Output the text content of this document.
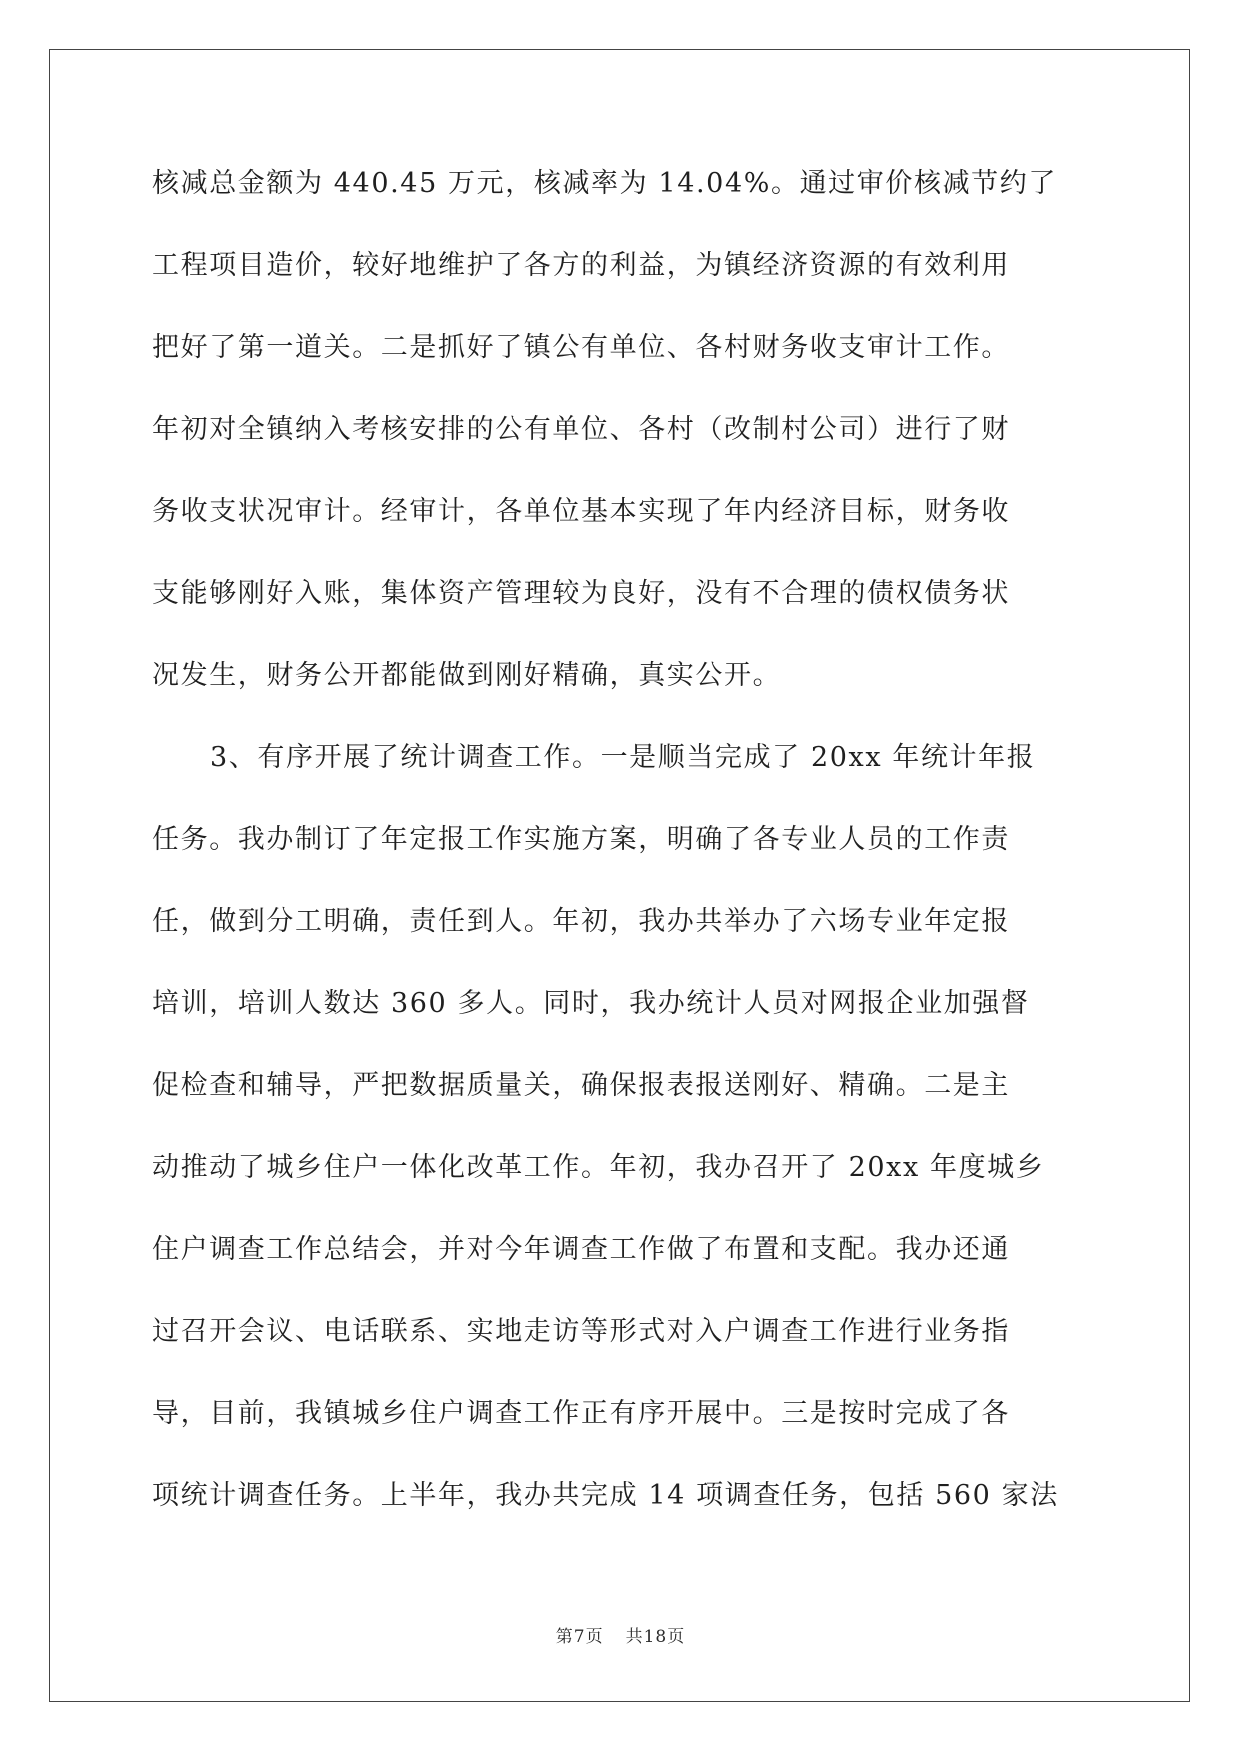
核减总金额为 440.45 万元，核减率为 14.04%。通过审价核减节约了
工程项目造价，较好地维护了各方的利益，为镇经济资源的有效利用
把好了第一道关。二是抓好了镇公有单位、各村财务收支审计工作。
年初对全镇纳入考核安排的公有单位、各村（改制村公司）进行了财
务收支状况审计。经审计，各单位基本实现了年内经济目标，财务收
支能够刚好入账，集体资产管理较为良好，没有不合理的债权债务状
况发生，财务公开都能做到刚好精确，真实公开。
3、有序开展了统计调查工作。一是顺当完成了 20xx 年统计年报
任务。我办制订了年定报工作实施方案，明确了各专业人员的工作责
任，做到分工明确，责任到人。年初，我办共举办了六场专业年定报
培训，培训人数达 360 多人。同时，我办统计人员对网报企业加强督
促检查和辅导，严把数据质量关，确保报表报送刚好、精确。二是主
动推动了城乡住户一体化改革工作。年初，我办召开了 20xx 年度城乡
住户调查工作总结会，并对今年调查工作做了布置和支配。我办还通
过召开会议、电话联系、实地走访等形式对入户调查工作进行业务指
导，目前，我镇城乡住户调查工作正有序开展中。三是按时完成了各
项统计调查任务。上半年，我办共完成 14 项调查任务，包括 560 家法
第7页 共18页
